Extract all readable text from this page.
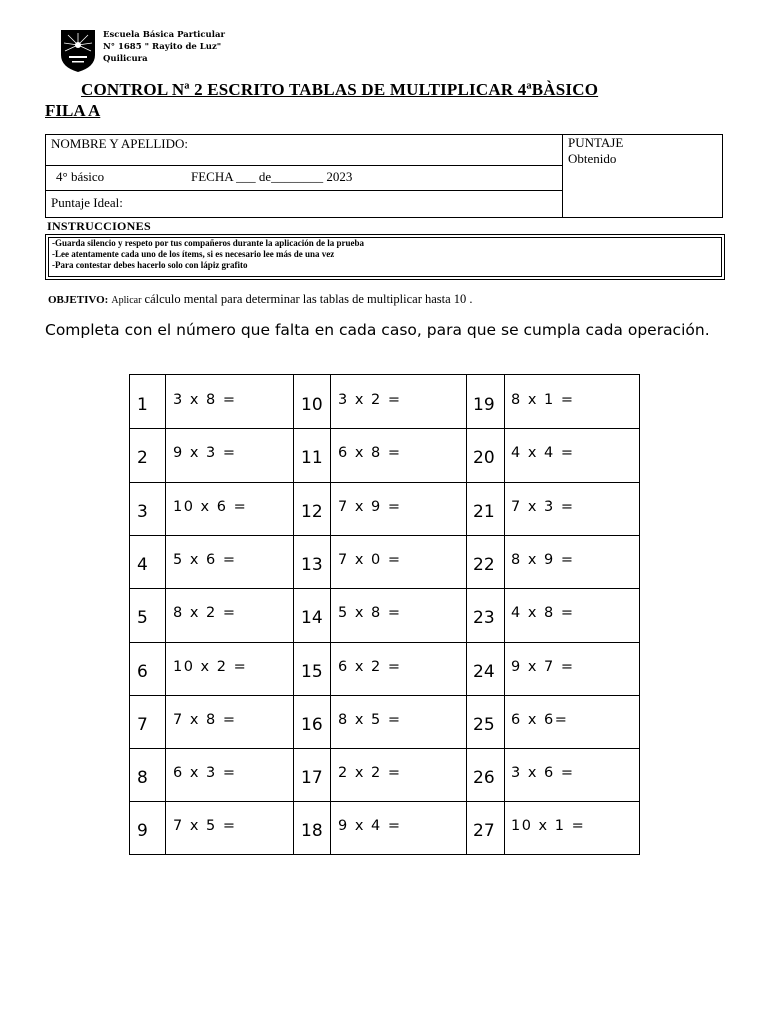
Escuela Básica Particular
N° 1685 " Rayito de Luz"
Quilicura
CONTROL Nª 2 ESCRITO TABLAS DE MULTIPLICAR 4ªBÀSICO
FILA A
NOMBRE Y APELLIDO:
4° básico	FECHA ___ de________ 2023
Puntaje Ideal:
PUNTAJE
Obtenido
INSTRUCCIONES
-Guarda silencio y respeto por tus compañeros durante la aplicación de la prueba
-Lee atentamente cada uno de los ítems, si es necesario lee más de una vez
-Para contestar debes hacerlo solo con lápiz grafito
OBJETIVO: Aplicar cálculo mental para determinar las tablas de multiplicar hasta 10 .
Completa con el número que falta en cada caso, para que se cumpla cada operación.
1 3 x 8 =
2 9 x 3 =
3 10 x 6 =
4 5 x 6 =
5 8 x 2 =
6 10 x 2 =
7 7 x 8 =
8 6 x 3 =
9 7 x 5 =
10 3 x 2 =
11 6 x 8 =
12 7 x 9 =
13 7 x 0 =
14 5 x 8 =
15 6 x 2 =
16 8 x 5 =
17 2 x 2 =
18 9 x 4 =
19 8 x 1 =
20 4 x 4 =
21 7 x 3 =
22 8 x 9 =
23 4 x 8 =
24 9 x 7 =
25 6 x 6=
26 3 x 6 =
27 10 x 1 =
